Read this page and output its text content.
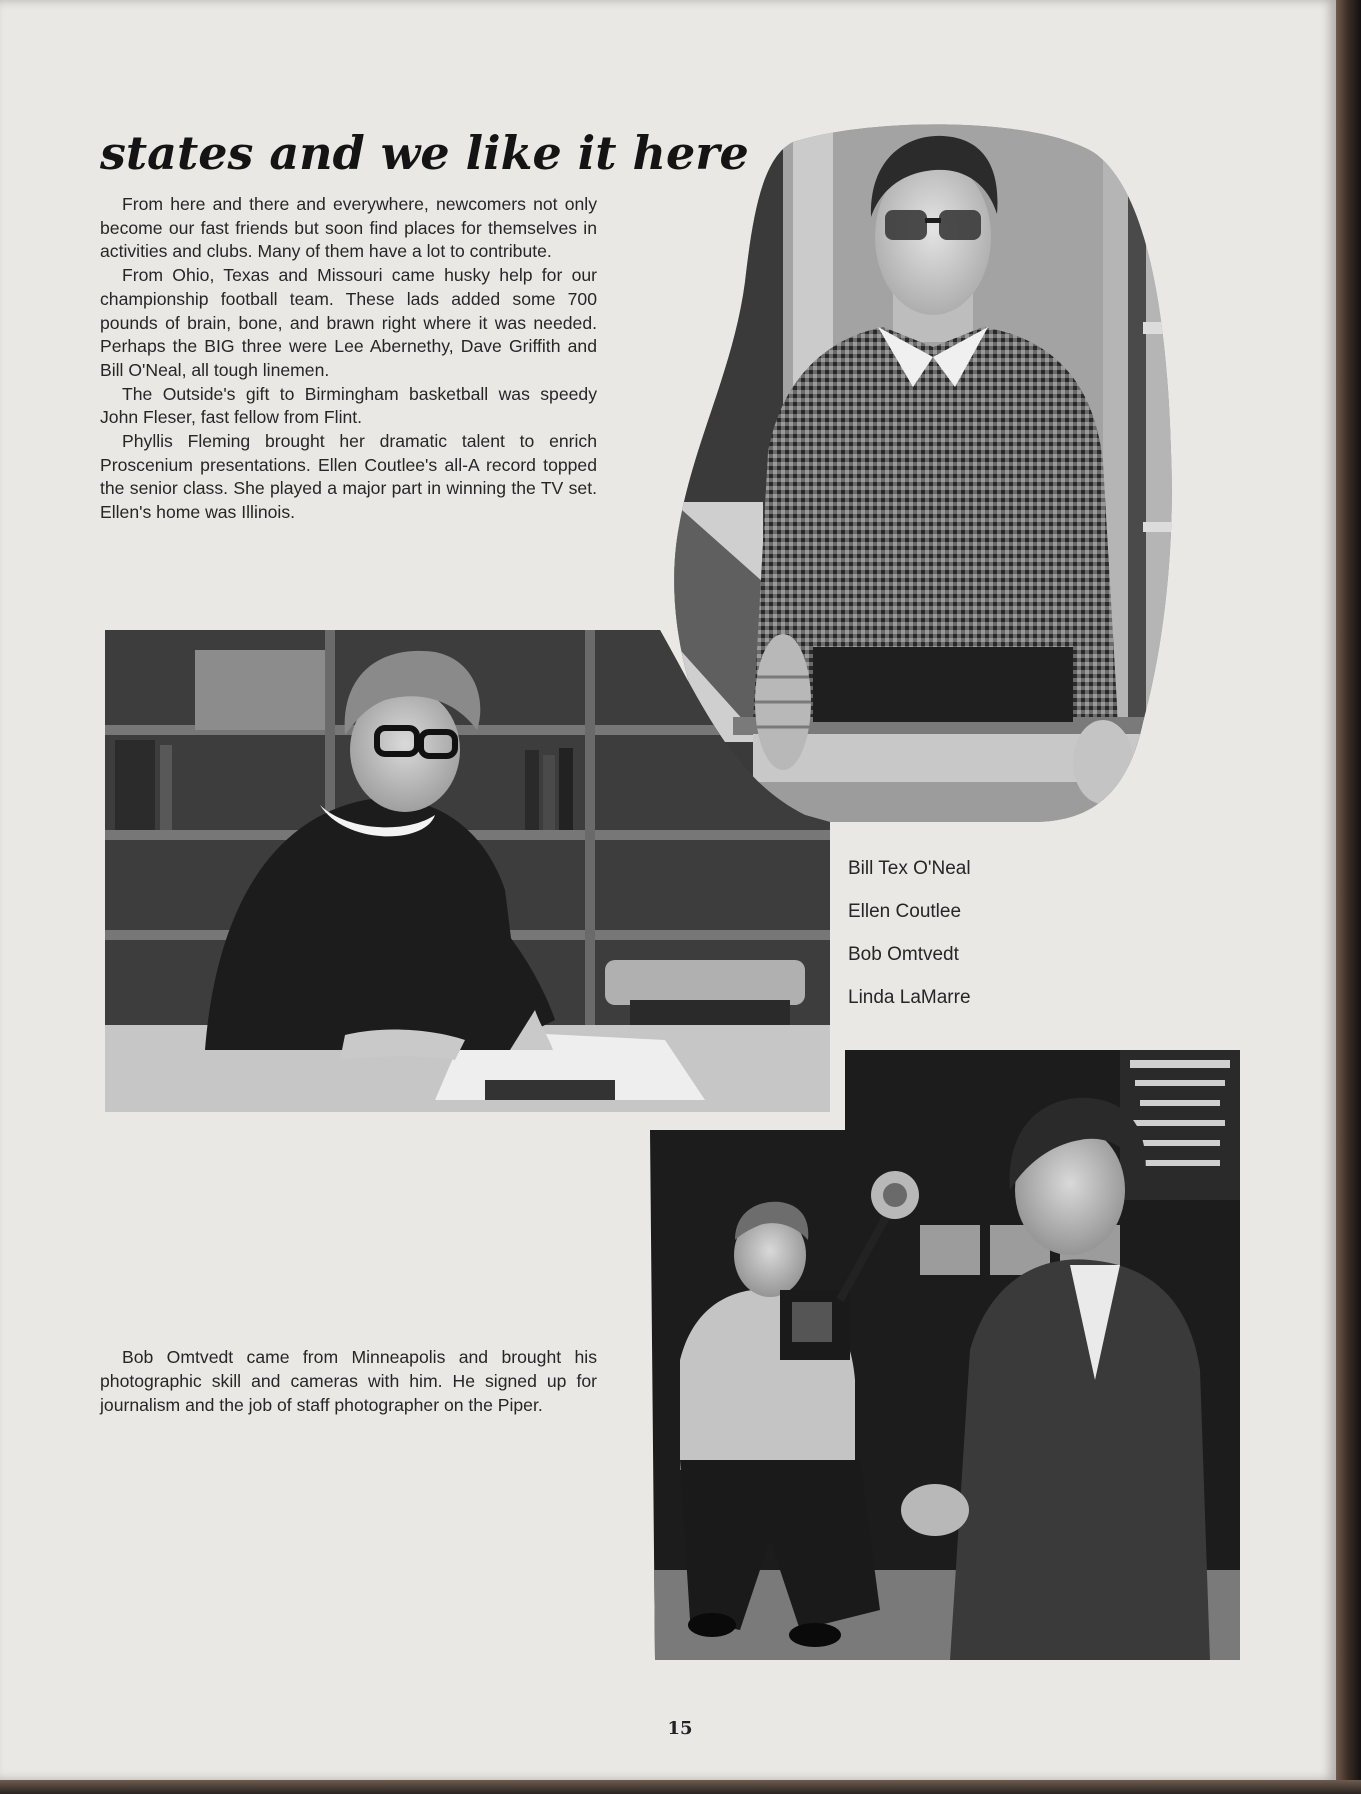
states and we like it here

From here and there and everywhere, newcomers not only become our fast friends but soon find places for themselves in activities and clubs. Many of them have a lot to contribute.

From Ohio, Texas and Missouri came husky help for our championship football team. These lads added some 700 pounds of brain, bone, and brawn right where it was needed. Perhaps the BIG three were Lee Abernethy, Dave Griffith and Bill O'Neal, all tough linemen.

The Outside's gift to Birmingham basketball was speedy John Fleser, fast fellow from Flint.

Phyllis Fleming brought her dramatic talent to enrich Proscenium presentations. Ellen Coutlee's all-A record topped the senior class. She played a major part in winning the TV set. Ellen's home was Illinois.

Bill Tex O'Neal
Ellen Coutlee
Bob Omtvedt
Linda LaMarre

Bob Omtvedt came from Minneapolis and brought his photographic skill and cameras with him. He signed up for journalism and the job of staff photographer on the Piper.

15
